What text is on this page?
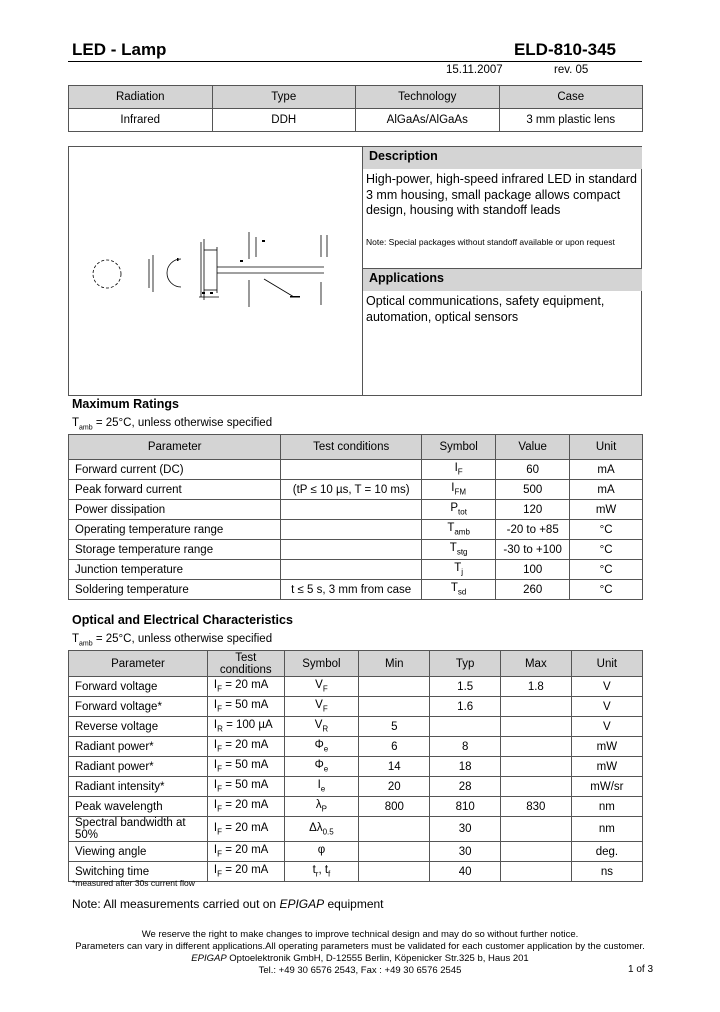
LED - Lamp	ELD-810-345
15.11.2007	rev. 05
Radiation	Type	Technology	Case
Infrared	DDH	AlGaAs/AlGaAs	3 mm plastic lens
Description
High-power, high-speed infrared LED in standard 3 mm housing, small package allows compact design, housing with standoff leads
Note: Special packages without standoff available or upon request
Applications
Optical communications, safety equipment, automation, optical sensors
Maximum Ratings
$T_{amb} = 25^\circ C$, unless otherwise specified
Parameter	Test conditions	Symbol	Value	Unit
Forward current (DC)		$I_F$	60	mA
Peak forward current	(tP ≤ 10 µs, T = 10 ms)	$I_{FM}$	500	mA
Power dissipation		$P_{tot}$	120	mW
Operating temperature range		$T_{amb}$	-20 to +85	°C
Storage temperature range		$T_{stg}$	-30 to +100	°C
Junction temperature		$T_j$	100	°C
Soldering temperature	t ≤ 5 s, 3 mm from case	$T_{sd}$	260	°C
Optical and Electrical Characteristics
$T_{amb} = 25^\circ C$, unless otherwise specified
Parameter	Test conditions	Symbol	Min	Typ	Max	Unit
Forward voltage	$I_F = 20$ mA	$V_F$		1.5	1.8	V
Forward voltage*	$I_F = 50$ mA	$V_F$		1.6		V
Reverse voltage	$I_R = 100$ µA	$V_R$	5			V
Radiant power*	$I_F = 20$ mA	$\Phi_e$	6	8		mW
Radiant power*	$I_F = 50$ mA	$\Phi_e$	14	18		mW
Radiant intensity*	$I_F = 50$ mA	$I_e$	20	28		mW/sr
Peak wavelength	$I_F = 20$ mA	$\lambda_P$	800	810	830	nm
Spectral bandwidth at 50%	$I_F = 20$ mA	$\Delta\lambda_{0.5}$		30		nm
Viewing angle	$I_F = 20$ mA	φ		30		deg.
Switching time	$I_F = 20$ mA	$t_r$, $t_f$		40		ns
*measured after 30s current flow
Note: All measurements carried out on EPIGAP equipment
We reserve the right to make changes to improve technical design and may do so without further notice.
Parameters can vary in different applications.All operating parameters must be validated for each customer application by the customer.
EPIGAP Optoelektronik GmbH, D-12555 Berlin, Köpenicker Str.325 b, Haus 201
Tel.: +49 30 6576 2543, Fax : +49 30 6576 2545	1 of 3
